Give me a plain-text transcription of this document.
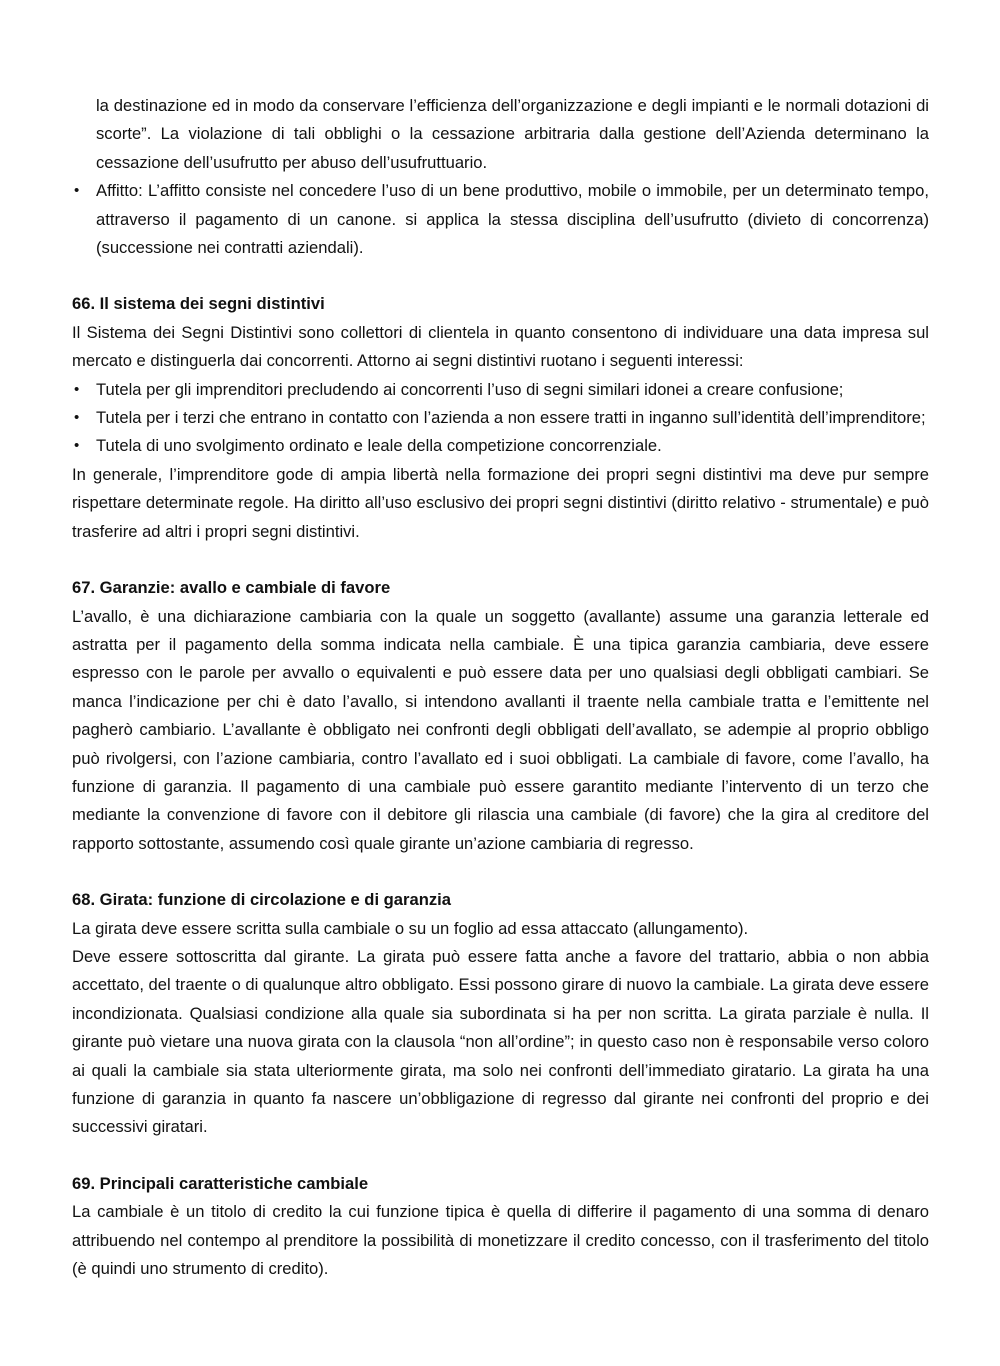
la destinazione ed in modo da conservare l’efficienza dell’organizzazione e degli impianti e le normali dotazioni di scorte”. La violazione di tali obblighi o la cessazione arbitraria dalla gestione dell’Azienda determinano la cessazione dell’usufrutto per abuso dell’usufruttuario.

• Affitto: L’affitto consiste nel concedere l’uso di un bene produttivo, mobile o immobile, per un determinato tempo, attraverso il pagamento di un canone. si applica la stessa disciplina dell’usufrutto (divieto di concorrenza) (successione nei contratti aziendali).
66. Il sistema dei segni distintivi

Il Sistema dei Segni Distintivi sono collettori di clientela in quanto consentono di individuare una data impresa sul mercato e distinguerla dai concorrenti. Attorno ai segni distintivi ruotano i seguenti interessi:

• Tutela per gli imprenditori precludendo ai concorrenti l’uso di segni similari idonei a creare confusione;
• Tutela per i terzi che entrano in contatto con l’azienda a non essere tratti in inganno sull’identità dell’imprenditore;
• Tutela di uno svolgimento ordinato e leale della competizione concorrenziale.

In generale, l’imprenditore gode di ampia libertà nella formazione dei propri segni distintivi ma deve pur sempre rispettare determinate regole. Ha diritto all’uso esclusivo dei propri segni distintivi (diritto relativo - strumentale) e può trasferire ad altri i propri segni distintivi.

67. Garanzie: avallo e cambiale di favore

L’avallo, è una dichiarazione cambiaria con la quale un soggetto (avallante) assume una garanzia letterale ed astratta per il pagamento della somma indicata nella cambiale. È una tipica garanzia cambiaria, deve essere espresso con le parole per avvallo o equivalenti e può essere data per uno qualsiasi degli obbligati cambiari. Se manca l’indicazione per chi è dato l’avallo, si intendono avallanti il traente nella cambiale tratta e l’emittente nel pagherò cambiario. L’avallante è obbligato nei confronti degli obbligati dell’avallato, se adempie al proprio obbligo può rivolgersi, con l’azione cambiaria, contro l’avallato ed i suoi obbligati. La cambiale di favore, come l’avallo, ha funzione di garanzia. Il pagamento di una cambiale può essere garantito mediante l’intervento di un terzo che mediante la convenzione di favore con il debitore gli rilascia una cambiale (di favore) che la gira al creditore del rapporto sottostante, assumendo così quale girante un’azione cambiaria di regresso.

68. Girata: funzione di circolazione e di garanzia

La girata deve essere scritta sulla cambiale o su un foglio ad essa attaccato (allungamento).

Deve essere sottoscritta dal girante. La girata può essere fatta anche a favore del trattario, abbia o non abbia accettato, del traente o di qualunque altro obbligato. Essi possono girare di nuovo la cambiale. La girata deve essere incondizionata. Qualsiasi condizione alla quale sia subordinata si ha per non scritta. La girata parziale è nulla. Il girante può vietare una nuova girata con la clausola “non all’ordine”; in questo caso non è responsabile verso coloro ai quali la cambiale sia stata ulteriormente girata, ma solo nei confronti dell’immediato giratario. La girata ha una funzione di garanzia in quanto fa nascere un’obbligazione di regresso dal girante nei confronti del proprio e dei successivi giratari.

69. Principali caratteristiche cambiale

La cambiale è un titolo di credito la cui funzione tipica è quella di differire il pagamento di una somma di denaro attribuendo nel contempo al prenditore la possibilità di monetizzare il credito concesso, con il trasferimento del titolo (è quindi uno strumento di credito).
